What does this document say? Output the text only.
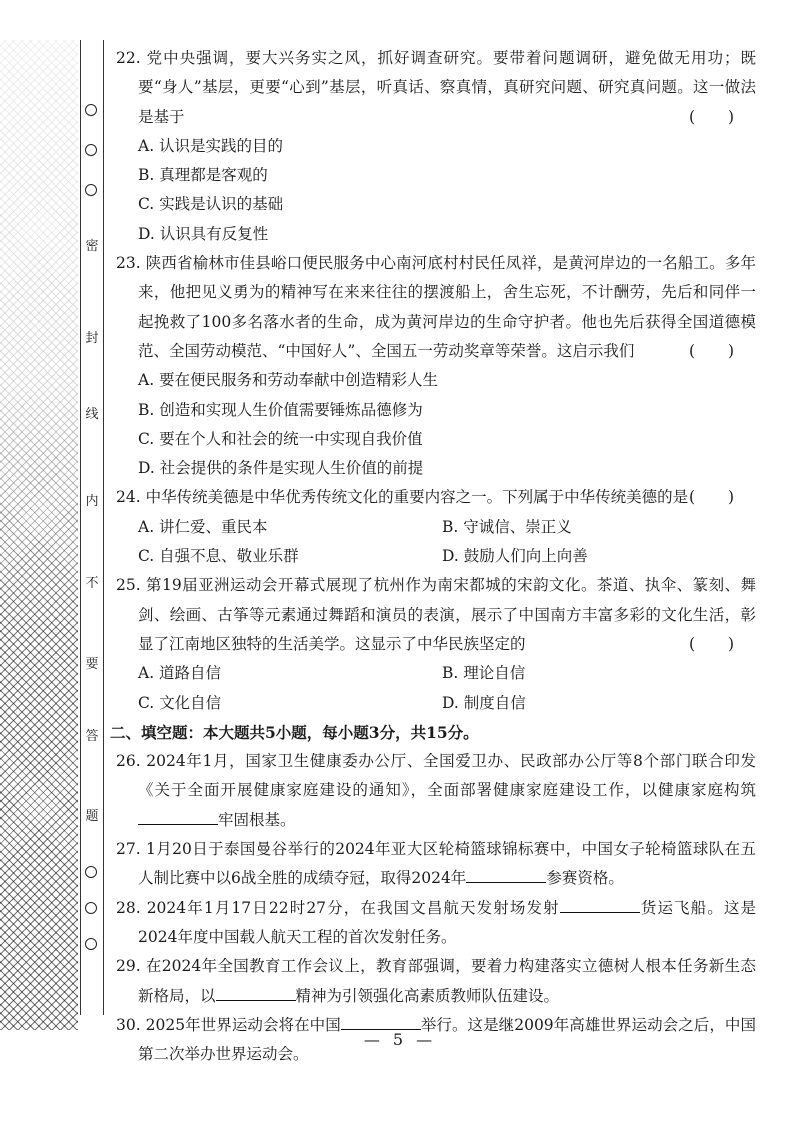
密
封
线
内
不
要
答
题

22. 党中央强调，要大兴务实之风，抓好调查研究。要带着问题调研，避免做无用功；既要“身人”基层，更要“心到”基层，听真话、察真情，真研究问题、研究真问题。这一做法是基于	( )

A. 认识是实践的目的

B. 真理都是客观的

C. 实践是认识的基础

D. 认识具有反复性

23. 陕西省榆林市佳县峪口便民服务中心南河底村村民任凤祥，是黄河岸边的一名船工。多年来，他把见义勇为的精神写在来来往往的摆渡船上，舍生忘死，不计酬劳，先后和同伴一起挽救了100多名落水者的生命，成为黄河岸边的生命守护者。他也先后获得全国道德模范、全国劳动模范、“中国好人”、全国五一劳动奖章等荣誉。这启示我们	( )

A. 要在便民服务和劳动奉献中创造精彩人生

B. 创造和实现人生价值需要锤炼品德修为

C. 要在个人和社会的统一中实现自我价值

D. 社会提供的条件是实现人生价值的前提

24. 中华传统美德是中华优秀传统文化的重要内容之一。下列属于中华传统美德的是 ( )

A. 讲仁爱、重民本	B. 守诚信、崇正义

C. 自强不息、敬业乐群	D. 鼓励人们向上向善

25. 第19届亚洲运动会开幕式展现了杭州作为南宋都城的宋韵文化。茶道、执伞、篆刻、舞剑、绘画、古筝等元素通过舞蹈和演员的表演，展示了中国南方丰富多彩的文化生活，彰显了江南地区独特的生活美学。这显示了中华民族坚定的	( )

A. 道路自信	B. 理论自信

C. 文化自信	D. 制度自信

二、填空题：本大题共5小题，每小题3分，共15分。

26. 2024年1月，国家卫生健康委办公厅、全国爱卫办、民政部办公厅等8个部门联合印发《关于全面开展健康家庭建设的通知》，全面部署健康家庭建设工作，以健康家庭构筑牢固根基。

27. 1月20日于泰国曼谷举行的2024年亚大区轮椅篮球锦标赛中，中国女子轮椅篮球队在五人制比赛中以6战全胜的成绩夺冠，取得2024年	参赛资格。

28. 2024年1月17日22时27分，在我国文昌航天发射场发射	货运飞船。这是2024年度中国载人航天工程的首次发射任务。

29. 在2024年全国教育工作会议上，教育部强调，要着力构建落实立德树人根本任务新生态新格局，以	精神为引领强化高素质教师队伍建设。

30. 2025年世界运动会将在中国	举行。这是继2009年高雄世界运动会之后，中国第二次举办世界运动会。

— 5 —
